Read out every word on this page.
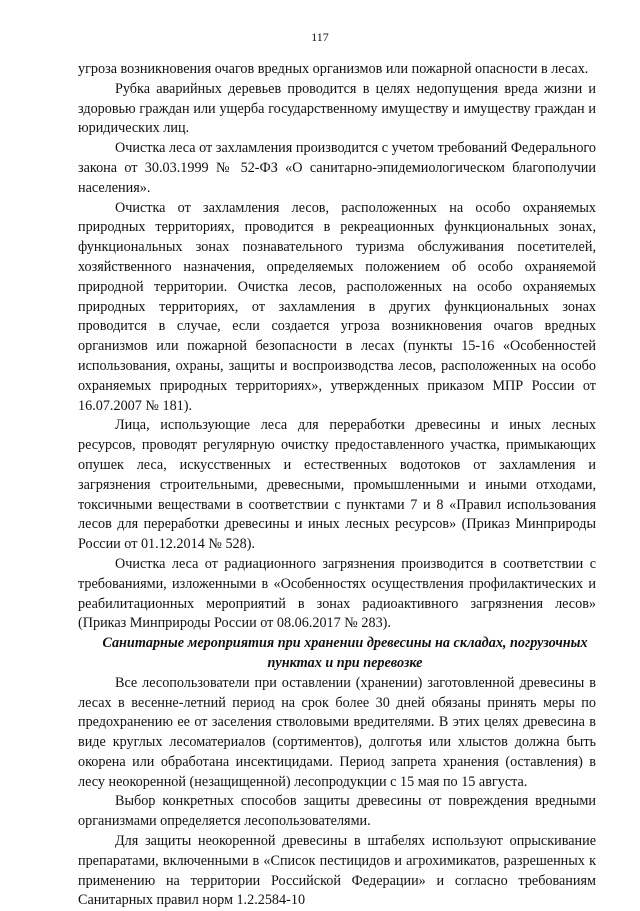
117

угроза возникновения очагов вредных организмов или пожарной опасности в лесах.

Рубка аварийных деревьев проводится в целях недопущения вреда жизни и здоровью граждан или ущерба государственному имуществу и имуществу граждан и юридических лиц.

Очистка леса от захламления производится с учетом требований Федерального закона от 30.03.1999 № 52-ФЗ «О санитарно-эпидемиологическом благополучии населения».

Очистка от захламления лесов, расположенных на особо охраняемых природных территориях, проводится в рекреационных функциональных зонах, функциональных зонах познавательного туризма обслуживания посетителей, хозяйственного назначения, определяемых положением об особо охраняемой природной территории. Очистка лесов, расположенных на особо охраняемых природных территориях, от захламления в других функциональных зонах проводится в случае, если создается угроза возникновения очагов вредных организмов или пожарной безопасности в лесах (пункты 15-16 «Особенностей использования, охраны, защиты и воспроизводства лесов, расположенных на особо охраняемых природных территориях», утвержденных приказом МПР России от 16.07.2007 № 181).

Лица, использующие леса для переработки древесины и иных лесных ресурсов, проводят регулярную очистку предоставленного участка, примыкающих опушек леса, искусственных и естественных водотоков от захламления и загрязнения строительными, древесными, промышленными и иными отходами, токсичными веществами в соответствии с пунктами 7 и 8 «Правил использования лесов для переработки древесины и иных лесных ресурсов» (Приказ Минприроды России от 01.12.2014 № 528).

Очистка леса от радиационного загрязнения производится в соответствии с требованиями, изложенными в «Особенностях осуществления профилактических и реабилитационных мероприятий в зонах радиоактивного загрязнения лесов» (Приказ Минприроды России от 08.06.2017 № 283).

Санитарные мероприятия при хранении древесины на складах, погрузочных пунктах и при перевозке

Все лесопользователи при оставлении (хранении) заготовленной древесины в лесах в весенне-летний период на срок более 30 дней обязаны принять меры по предохранению ее от заселения стволовыми вредителями. В этих целях древесина в виде круглых лесоматериалов (сортиментов), долготья или хлыстов должна быть окорена или обработана инсектицидами. Период запрета хранения (оставления) в лесу неокоренной (незащищенной) лесопродукции с 15 мая по 15 августа.

Выбор конкретных способов защиты древесины от повреждения вредными организмами определяется лесопользователями.

Для защиты неокоренной древесины в штабелях используют опрыскивание препаратами, включенными в «Список пестицидов и агрохимикатов, разрешенных к применению на территории Российской Федерации» и согласно требованиям Санитарных правил норм 1.2.2584-10
